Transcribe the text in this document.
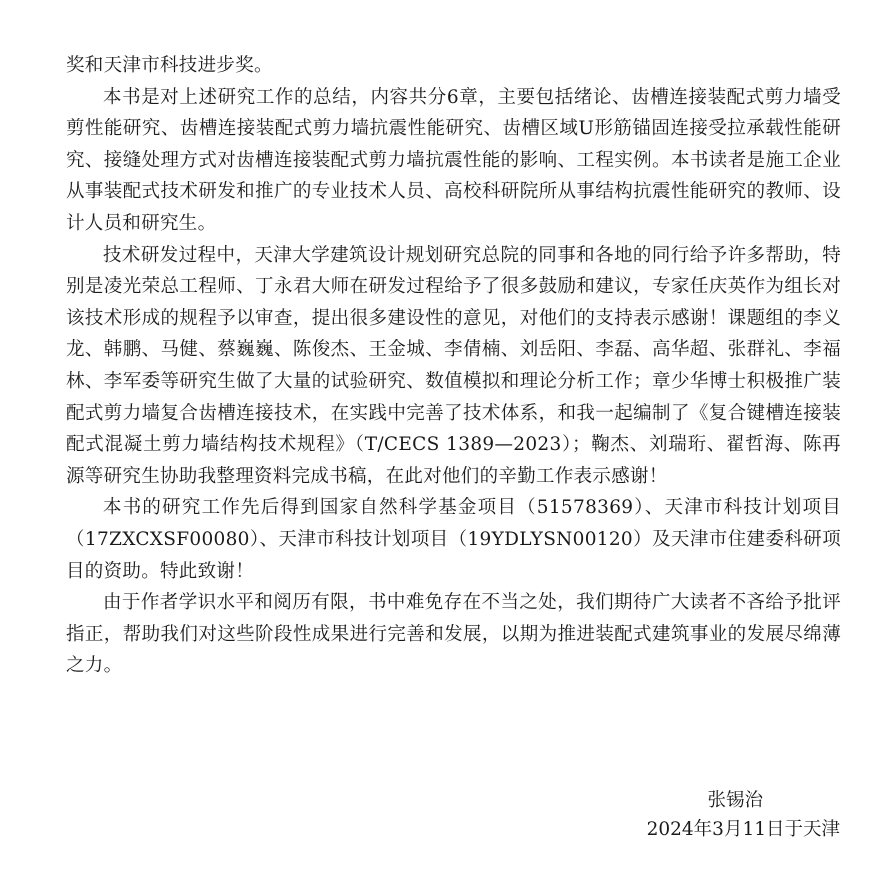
奖和天津市科技进步奖。

本书是对上述研究工作的总结，内容共分6章，主要包括绪论、齿槽连接装配式剪力墙受剪性能研究、齿槽连接装配式剪力墙抗震性能研究、齿槽区域U形筋锚固连接受拉承载性能研究、接缝处理方式对齿槽连接装配式剪力墙抗震性能的影响、工程实例。本书读者是施工企业从事装配式技术研发和推广的专业技术人员、高校科研院所从事结构抗震性能研究的教师、设计人员和研究生。

技术研发过程中，天津大学建筑设计规划研究总院的同事和各地的同行给予许多帮助，特别是凌光荣总工程师、丁永君大师在研发过程给予了很多鼓励和建议，专家任庆英作为组长对该技术形成的规程予以审查，提出很多建设性的意见，对他们的支持表示感谢！课题组的李义龙、韩鹏、马健、蔡巍巍、陈俊杰、王金城、李倩楠、刘岳阳、李磊、高华超、张群礼、李福林、李军委等研究生做了大量的试验研究、数值模拟和理论分析工作；章少华博士积极推广装配式剪力墙复合齿槽连接技术，在实践中完善了技术体系，和我一起编制了《复合键槽连接装配式混凝土剪力墙结构技术规程》（T/CECS 1389—2023）；鞠杰、刘瑞珩、翟哲海、陈再源等研究生协助我整理资料完成书稿，在此对他们的辛勤工作表示感谢！

本书的研究工作先后得到国家自然科学基金项目（51578369）、天津市科技计划项目（17ZXCXSF00080）、天津市科技计划项目（19YDLYSN00120）及天津市住建委科研项目的资助。特此致谢！

由于作者学识水平和阅历有限，书中难免存在不当之处，我们期待广大读者不吝给予批评指正，帮助我们对这些阶段性成果进行完善和发展，以期为推进装配式建筑事业的发展尽绵薄之力。

张锡治
2024年3月11日于天津
